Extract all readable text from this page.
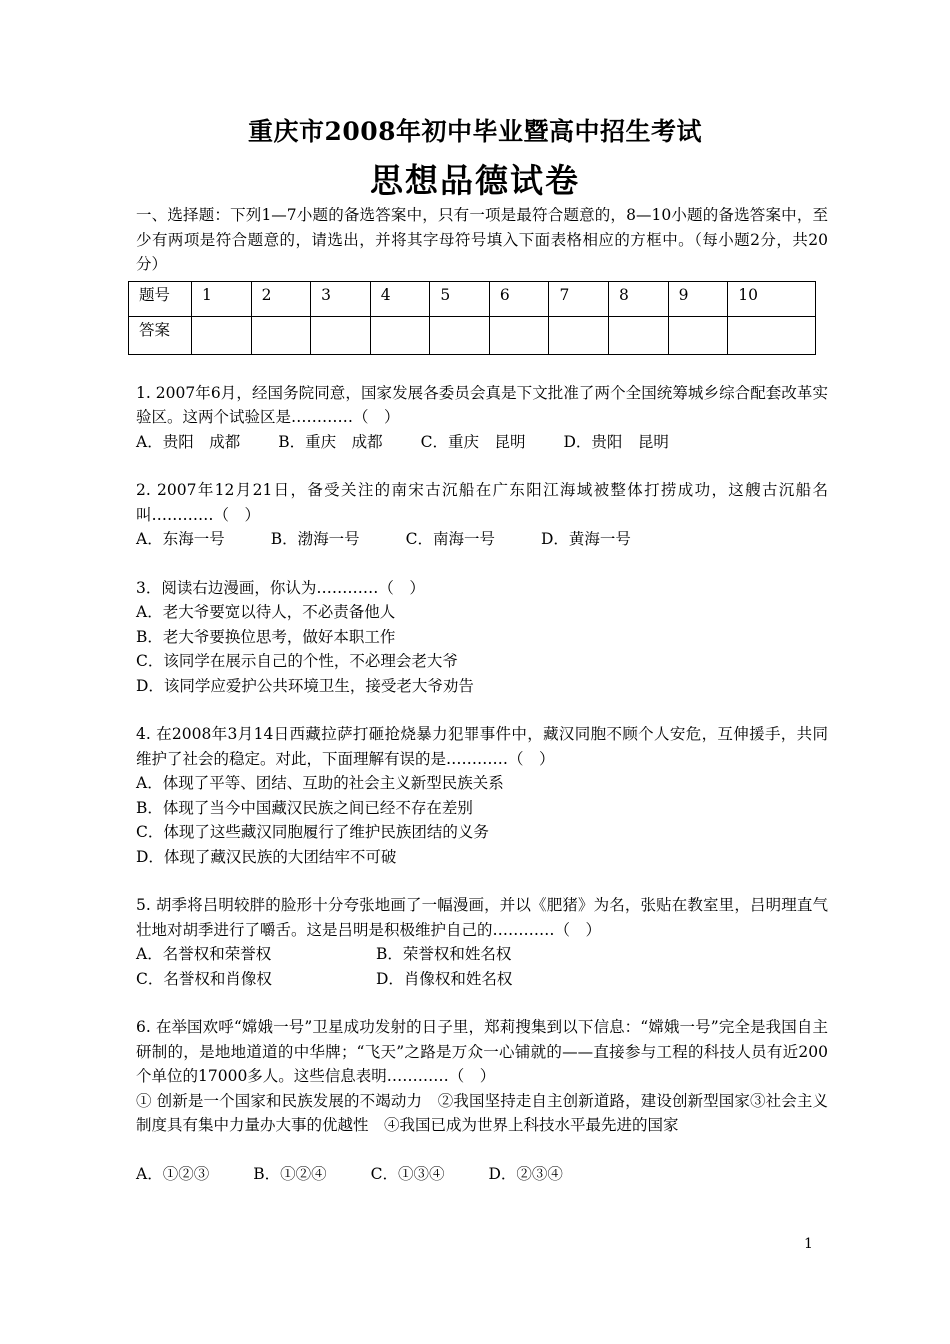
重庆市2008年初中毕业暨高中招生考试
思想品德试卷
一、选择题：下列1—7小题的备选答案中，只有一项是最符合题意的，8—10小题的备选答案中，至少有两项是符合题意的，请选出，并将其字母符号填入下面表格相应的方框中。（每小题2分，共20分）
题号	1	2	3	4	5	6	7	8	9	10
答案										
1. 2007年6月，经国务院同意，国家发展各委员会真是下文批准了两个全国统筹城乡综合配套改革实验区。这两个试验区是…………（　）
A．贵阳　成都 B．重庆　成都 C．重庆　昆明 D．贵阳　昆明
2. 2007年12月21日，备受关注的南宋古沉船在广东阳江海域被整体打捞成功，这艘古沉船名叫…………（　）
A．东海一号	B．渤海一号	C．南海一号	D．黄海一号
3．阅读右边漫画，你认为…………（　）
A．老大爷要宽以待人，不必责备他人
B．老大爷要换位思考，做好本职工作
C．该同学在展示自己的个性，不必理会老大爷
D．该同学应爱护公共环境卫生，接受老大爷劝告
4. 在2008年3月14日西藏拉萨打砸抢烧暴力犯罪事件中，藏汉同胞不顾个人安危，互伸援手，共同维护了社会的稳定。对此，下面理解有误的是…………（　）
A．体现了平等、团结、互助的社会主义新型民族关系
B．体现了当今中国藏汉民族之间已经不存在差别
C．体现了这些藏汉同胞履行了维护民族团结的义务
D．体现了藏汉民族的大团结牢不可破
5. 胡季将吕明较胖的脸形十分夸张地画了一幅漫画，并以《肥猪》为名，张贴在教室里，吕明理直气壮地对胡季进行了嚼舌。这是吕明是积极维护自己的…………（　）
A．名誉权和荣誉权	B．荣誉权和姓名权
C．名誉权和肖像权	D．肖像权和姓名权
6. 在举国欢呼“嫦娥一号”卫星成功发射的日子里，郑莉搜集到以下信息：“嫦娥一号”完全是我国自主研制的，是地地道道的中华牌；“飞天”之路是万众一心铺就的——直接参与工程的科技人员有近200个单位的17000多人。这些信息表明…………（　）
① 创新是一个国家和民族发展的不竭动力　②我国坚持走自主创新道路，建设创新型国家③社会主义制度具有集中力量办大事的优越性　④我国已成为世界上科技水平最先进的国家
A．①②③	B．①②④	C．①③④	D．②③④
1
